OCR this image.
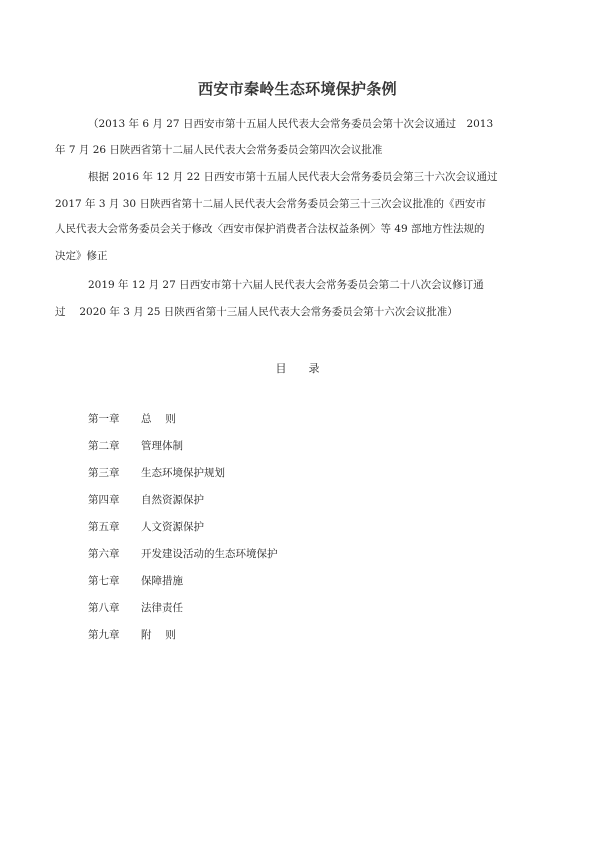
西安市秦岭生态环境保护条例
（2013 年 6 月 27 日西安市第十五届人民代表大会常务委员会第十次会议通过　2013
年 7 月 26 日陕西省第十二届人民代表大会常务委员会第四次会议批准
根据 2016 年 12 月 22 日西安市第十五届人民代表大会常务委员会第三十六次会议通过
2017 年 3 月 30 日陕西省第十二届人民代表大会常务委员会第三十三次会议批准的《西安市
人民代表大会常务委员会关于修改〈西安市保护消费者合法权益条例〉等 49 部地方性法规的
决定》修正
2019 年 12 月 27 日西安市第十六届人民代表大会常务委员会第二十八次会议修订通
过　 2020 年 3 月 25 日陕西省第十三届人民代表大会常务委员会第十六次会议批准）
目 录
第一章 总　 则
第二章 管理体制
第三章 生态环境保护规划
第四章 自然资源保护
第五章 人文资源保护
第六章 开发建设活动的生态环境保护
第七章 保障措施
第八章 法律责任
第九章 附　 则
